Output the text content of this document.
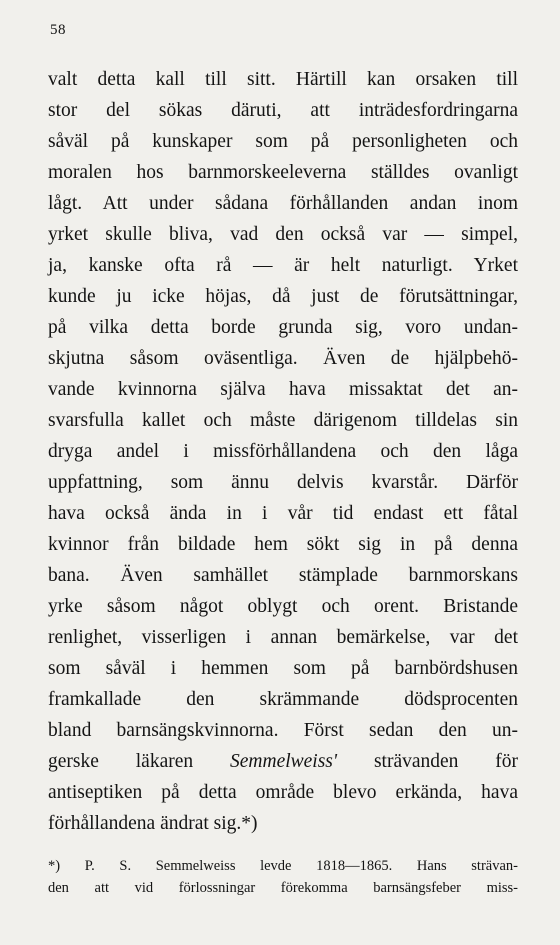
58
valt detta kall till sitt. Härtill kan orsaken till
stor del sökas däruti, att inträdesfordringarna
såväl på kunskaper som på personligheten och
moralen hos barnmorskeeleverna ställdes ovanligt
lågt. Att under sådana förhållanden andan inom
yrket skulle bliva, vad den också var — simpel,
ja, kanske ofta rå — är helt naturligt. Yrket
kunde ju icke höjas, då just de förutsättningar,
på vilka detta borde grunda sig, voro undan-
skjutna såsom oväsentliga. Även de hjälpbehö-
vande kvinnorna själva hava missaktat det an-
svarsfulla kallet och måste därigenom tilldelas sin
dryga andel i missförhållandena och den låga
uppfattning, som ännu delvis kvarstår. Därför
hava också ända in i vår tid endast ett fåtal
kvinnor från bildade hem sökt sig in på denna
bana. Även samhället stämplade barnmorskans
yrke såsom något oblygt och orent. Bristande
renlighet, visserligen i annan bemärkelse, var det
som såväl i hemmen som på barnbördshusen
framkallade den skrämmande dödsprocenten
bland barnsängskvinnorna. Först sedan den un-
gerske läkaren Semmelweiss' strävanden för
antiseptiken på detta område blevo erkända, hava
förhållandena ändrat sig.*)
*) P. S. Semmelweiss levde 1818—1865. Hans strävan-
den att vid förlossningar förekomma barnsängsfeber miss-
